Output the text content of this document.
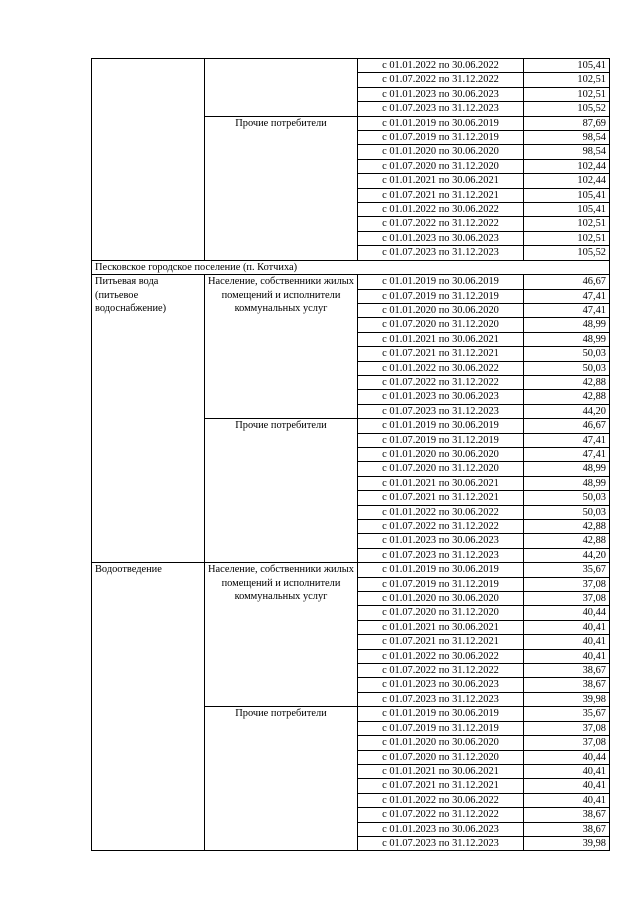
		с 01.01.2022 по 30.06.2022	105,41
		с 01.07.2022 по 31.12.2022	102,51
		с 01.01.2023 по 30.06.2023	102,51
		с 01.07.2023 по 31.12.2023	105,52
	Прочие потребители	с 01.01.2019 по 30.06.2019	87,69
		с 01.07.2019 по 31.12.2019	98,54
		с 01.01.2020 по 30.06.2020	98,54
		с 01.07.2020 по 31.12.2020	102,44
		с 01.01.2021 по 30.06.2021	102,44
		с 01.07.2021 по 31.12.2021	105,41
		с 01.01.2022 по 30.06.2022	105,41
		с 01.07.2022 по 31.12.2022	102,51
		с 01.01.2023 по 30.06.2023	102,51
		с 01.07.2023 по 31.12.2023	105,52
Песковское городское поселение (п. Котчиха)			
Питьевая вода (питьевое водоснабжение)	Население, собственники жилых помещений и исполнители коммунальных услуг	с 01.01.2019 по 30.06.2019	46,67
		с 01.07.2019 по 31.12.2019	47,41
		с 01.01.2020 по 30.06.2020	47,41
		с 01.07.2020 по 31.12.2020	48,99
		с 01.01.2021 по 30.06.2021	48,99
		с 01.07.2021 по 31.12.2021	50,03
		с 01.01.2022 по 30.06.2022	50,03
		с 01.07.2022 по 31.12.2022	42,88
		с 01.01.2023 по 30.06.2023	42,88
		с 01.07.2023 по 31.12.2023	44,20
	Прочие потребители	с 01.01.2019 по 30.06.2019	46,67
		с 01.07.2019 по 31.12.2019	47,41
		с 01.01.2020 по 30.06.2020	47,41
		с 01.07.2020 по 31.12.2020	48,99
		с 01.01.2021 по 30.06.2021	48,99
		с 01.07.2021 по 31.12.2021	50,03
		с 01.01.2022 по 30.06.2022	50,03
		с 01.07.2022 по 31.12.2022	42,88
		с 01.01.2023 по 30.06.2023	42,88
		с 01.07.2023 по 31.12.2023	44,20
Водоотведение	Население, собственники жилых помещений и исполнители коммунальных услуг	с 01.01.2019 по 30.06.2019	35,67
		с 01.07.2019 по 31.12.2019	37,08
		с 01.01.2020 по 30.06.2020	37,08
		с 01.07.2020 по 31.12.2020	40,44
		с 01.01.2021 по 30.06.2021	40,41
		с 01.07.2021 по 31.12.2021	40,41
		с 01.01.2022 по 30.06.2022	40,41
		с 01.07.2022 по 31.12.2022	38,67
		с 01.01.2023 по 30.06.2023	38,67
		с 01.07.2023 по 31.12.2023	39,98
	Прочие потребители	с 01.01.2019 по 30.06.2019	35,67
		с 01.07.2019 по 31.12.2019	37,08
		с 01.01.2020 по 30.06.2020	37,08
		с 01.07.2020 по 31.12.2020	40,44
		с 01.01.2021 по 30.06.2021	40,41
		с 01.07.2021 по 31.12.2021	40,41
		с 01.01.2022 по 30.06.2022	40,41
		с 01.07.2022 по 31.12.2022	38,67
		с 01.01.2023 по 30.06.2023	38,67
		с 01.07.2023 по 31.12.2023	39,98
